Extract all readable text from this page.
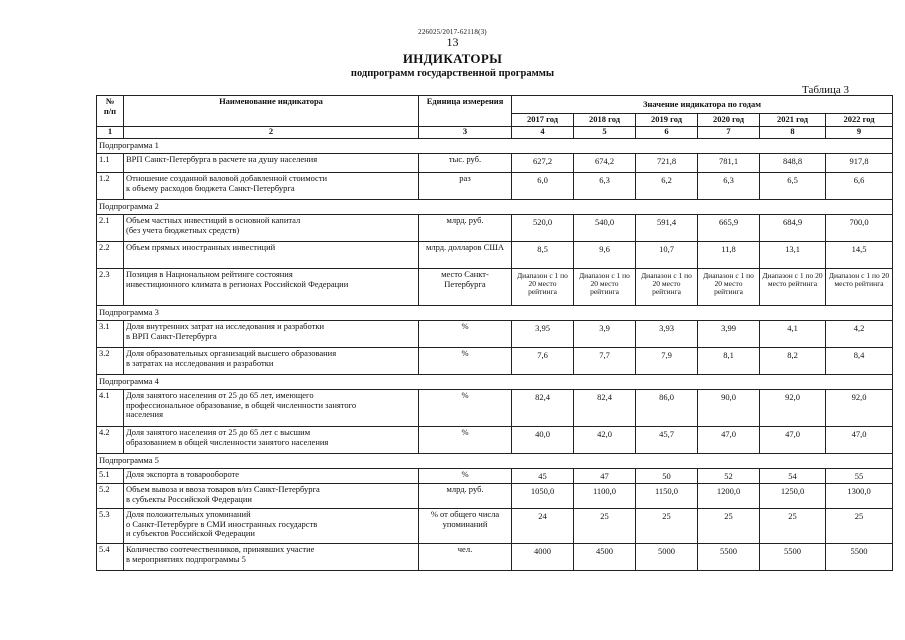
226025/2017-62118(3)
13
ИНДИКАТОРЫ
подпрограмм государственной программы
Таблица 3
№
п/п	Наименование индикатора	Единица измерения	Значение индикатора по годам					
			2017 год	2018 год	2019 год	2020 год	2021 год	2022 год
1	2	3	4	5	6	7	8	9
Подпрограмма 1								
1.1	ВРП Санкт-Петербурга в расчете на душу населения	тыс. руб.	627,2	674,2	721,8	781,1	848,8	917,8
1.2	Отношение созданной валовой добавленной стоимости
к объему расходов бюджета Санкт-Петербурга	раз	6,0	6,3	6,2	6,3	6,5	6,6
Подпрограмма 2								
2.1	Объем частных инвестиций в основной капитал
(без учета бюджетных средств)	млрд. руб.	520,0	540,0	591,4	665,9	684,9	700,0
2.2	Объем прямых иностранных инвестиций	млрд. долларов США	8,5	9,6	10,7	11,8	13,1	14,5
2.3	Позиция в Национальном рейтинге состояния
инвестиционного климата в регионах Российской Федерации	место Санкт-Петербурга	Диапазон с 1 по 20 место рейтинга	Диапазон с 1 по 20 место рейтинга	Диапазон с 1 по 20 место рейтинга	Диапазон с 1 по 20 место рейтинга	Диапазон с 1 по 20 место рейтинга	Диапазон с 1 по 20 место рейтинга
Подпрограмма 3								
3.1	Доля внутренних затрат на исследования и разработки
в ВРП Санкт-Петербурга	%	3,95	3,9	3,93	3,99	4,1	4,2
3.2	Доля образовательных организаций высшего образования
в затратах на исследования и разработки	%	7,6	7,7	7,9	8,1	8,2	8,4
Подпрограмма 4								
4.1	Доля занятого населения от 25 до 65 лет, имеющего
профессиональное образование, в общей численности занятого
населения	%	82,4	82,4	86,0	90,0	92,0	92,0
4.2	Доля занятого населения от 25 до 65 лет с высшим
образованием в общей численности занятого населения	%	40,0	42,0	45,7	47,0	47,0	47,0
Подпрограмма 5								
5.1	Доля экспорта в товарообороте	%	45	47	50	52	54	55
5.2	Объем вывоза и ввоза товаров в/из Санкт-Петербурга
в субъекты Российской Федерации	млрд. руб.	1050,0	1100,0	1150,0	1200,0	1250,0	1300,0
5.3	Доля положительных упоминаний
о Санкт-Петербурге в СМИ иностранных государств
и субъектов Российской Федерации	% от общего числа упоминаний	24	25	25	25	25	25
5.4	Количество соотечественников, принявших участие
в мероприятиях подпрограммы 5	чел.	4000	4500	5000	5500	5500	5500
